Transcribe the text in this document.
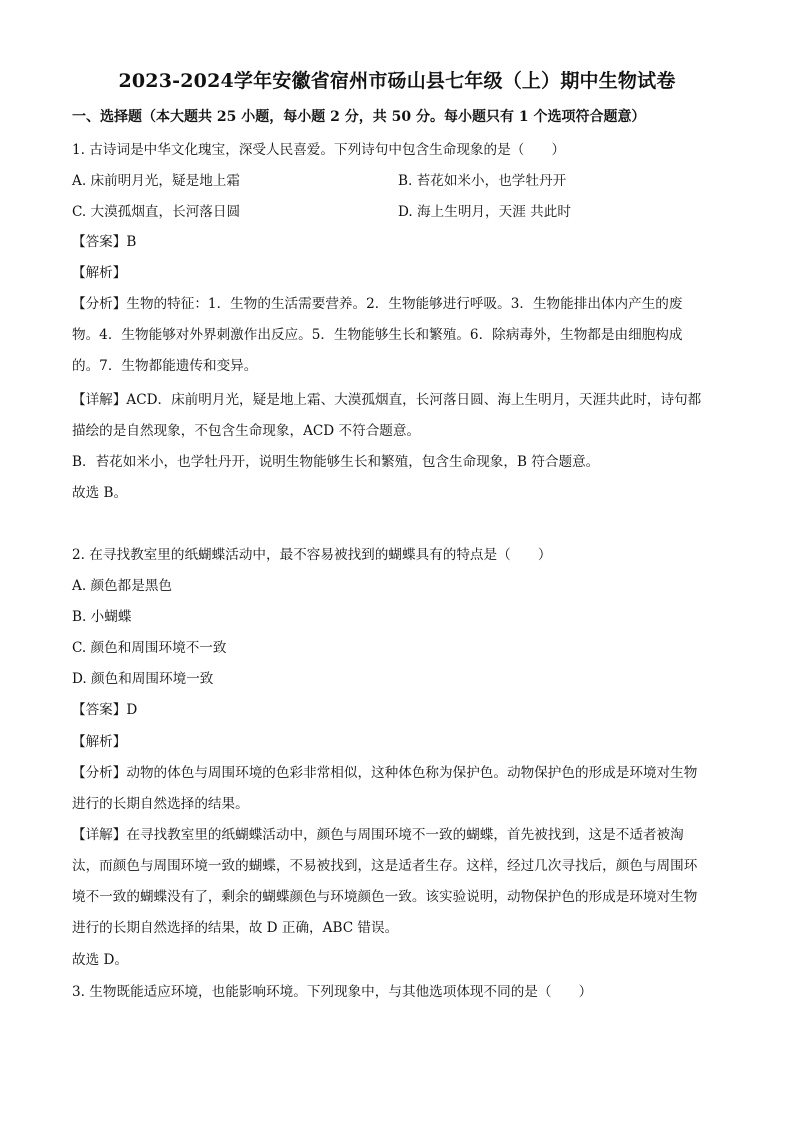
2023-2024学年安徽省宿州市砀山县七年级（上）期中生物试卷
一、选择题（本大题共 25 小题，每小题 2 分，共 50 分。每小题只有 1 个选项符合题意）
1. 古诗词是中华文化瑰宝，深受人民喜爱。下列诗句中包含生命现象的是（　　）
A. 床前明月光，疑是地上霜	B. 苔花如米小，也学牡丹开
C. 大漠孤烟直，长河落日圆	D. 海上生明月，天涯 共此时
【答案】B
【解析】
【分析】生物的特征：1．生物的生活需要营养。2．生物能够进行呼吸。3．生物能排出体内产生的废
物。4．生物能够对外界刺激作出反应。5．生物能够生长和繁殖。6．除病毒外，生物都是由细胞构成
的。7．生物都能遗传和变异。
【详解】ACD．床前明月光，疑是地上霜、大漠孤烟直，长河落日圆、海上生明月，天涯共此时，诗句都
描绘的是自然现象，不包含生命现象，ACD 不符合题意。
B．苔花如米小，也学牡丹开，说明生物能够生长和繁殖，包含生命现象，B 符合题意。
故选 B。
2. 在寻找教室里的纸蝴蝶活动中，最不容易被找到的蝴蝶具有的特点是（　　）
A. 颜色都是黑色
B. 小蝴蝶
C. 颜色和周围环境不一致
D. 颜色和周围环境一致
【答案】D
【解析】
【分析】动物的体色与周围环境的色彩非常相似，这种体色称为保护色。动物保护色的形成是环境对生物
进行的长期自然选择的结果。
【详解】在寻找教室里的纸蝴蝶活动中，颜色与周围环境不一致的蝴蝶，首先被找到，这是不适者被淘
汰，而颜色与周围环境一致的蝴蝶，不易被找到，这是适者生存。这样，经过几次寻找后，颜色与周围环
境不一致的蝴蝶没有了，剩余的蝴蝶颜色与环境颜色一致。该实验说明，动物保护色的形成是环境对生物
进行的长期自然选择的结果，故 D 正确，ABC 错误。
故选 D。
3. 生物既能适应环境，也能影响环境。下列现象中，与其他选项体现不同的是（　　）
